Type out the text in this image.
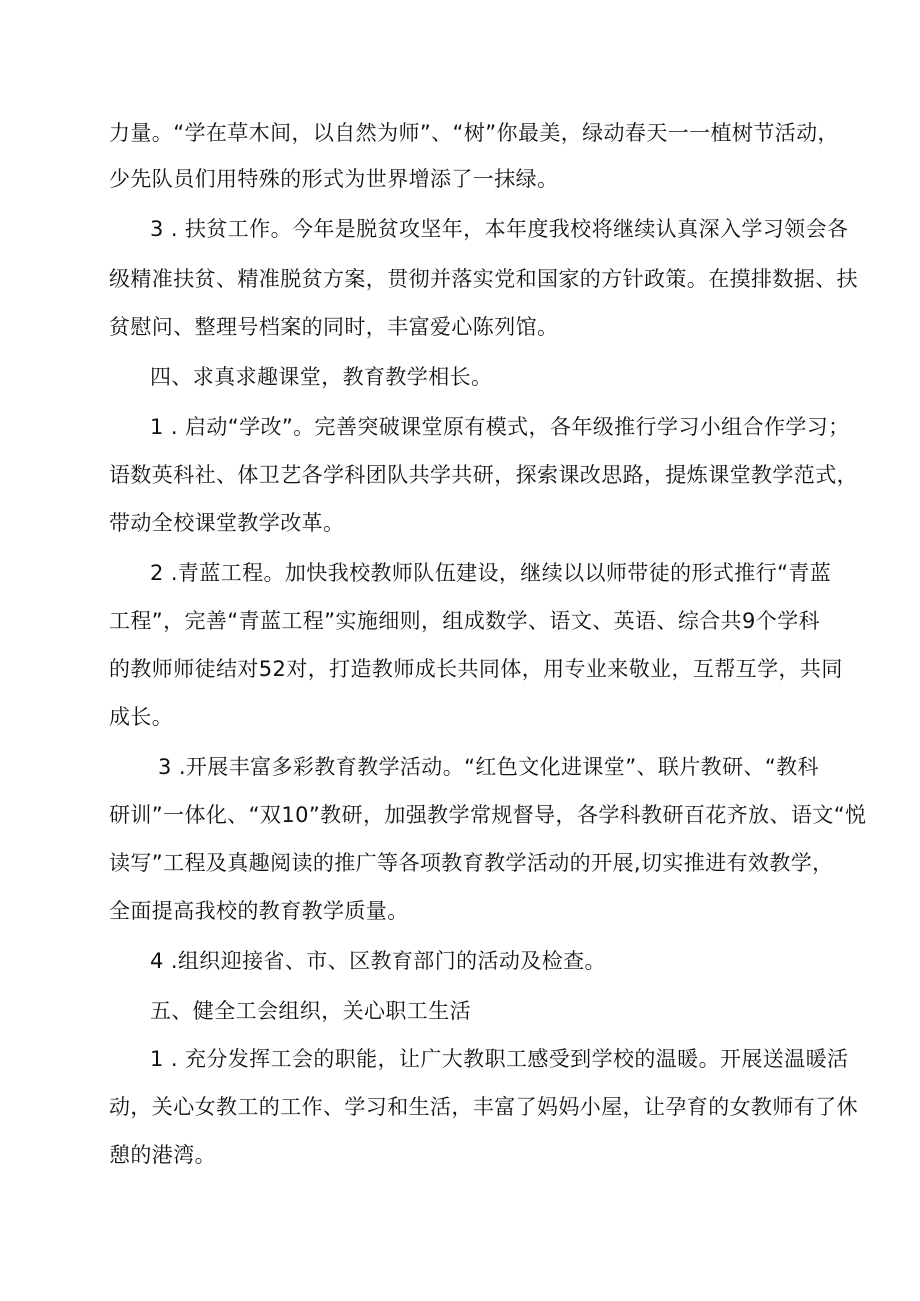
力量。“学在草木间，以自然为师”、“树”你最美，绿动春天一一植树节活动，
少先队员们用特殊的形式为世界增添了一抹绿。
3 . 扶贫工作。今年是脱贫攻坚年，本年度我校将继续认真深入学习领会各
级精准扶贫、精准脱贫方案，贯彻并落实党和国家的方针政策。在摸排数据、扶
贫慰问、整理号档案的同时，丰富爱心陈列馆。
四、求真求趣课堂，教育教学相长。
1 . 启动“学改”。完善突破课堂原有模式，各年级推行学习小组合作学习；
语数英科社、体卫艺各学科团队共学共研，探索课改思路，提炼课堂教学范式，
带动全校课堂教学改革。
2 .青蓝工程。加快我校教师队伍建设，继续以以师带徒的形式推行“青蓝
工程”，完善“青蓝工程”实施细则，组成数学、语文、英语、综合共9个学科
的教师师徒结对52对，打造教师成长共同体，用专业来敬业，互帮互学，共同
成长。
3 .开展丰富多彩教育教学活动。“红色文化进课堂”、联片教研、“教科
研训”一体化、“双10”教研，加强教学常规督导，各学科教研百花齐放、语文“悦
读写”工程及真趣阅读的推广等各项教育教学活动的开展,切实推进有效教学，
全面提高我校的教育教学质量。
4 .组织迎接省、市、区教育部门的活动及检查。
五、健全工会组织，关心职工生活
1 . 充分发挥工会的职能，让广大教职工感受到学校的温暖。开展送温暖活
动，关心女教工的工作、学习和生活，丰富了妈妈小屋，让孕育的女教师有了休
憩的港湾。
